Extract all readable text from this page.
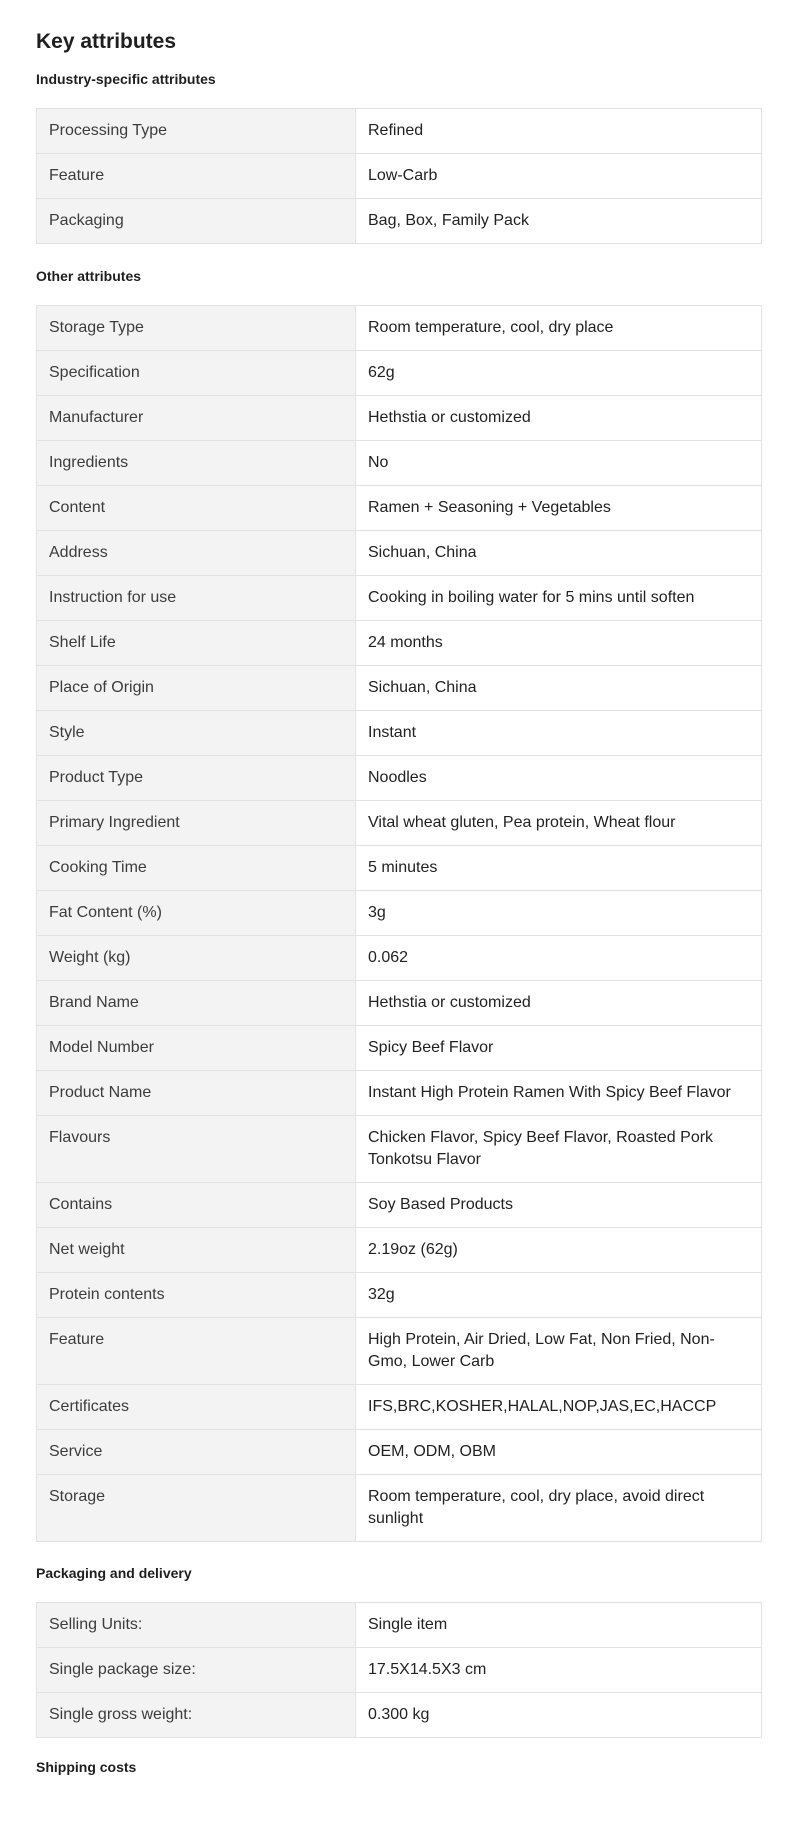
Key attributes
Industry-specific attributes
Processing Type	Refined
Feature	Low-Carb
Packaging	Bag, Box, Family Pack
Other attributes
Storage Type	Room temperature, cool, dry place
Specification	62g
Manufacturer	Hethstia or customized
Ingredients	No
Content	Ramen + Seasoning + Vegetables
Address	Sichuan, China
Instruction for use	Cooking in boiling water for 5 mins until soften
Shelf Life	24 months
Place of Origin	Sichuan, China
Style	Instant
Product Type	Noodles
Primary Ingredient	Vital wheat gluten, Pea protein, Wheat flour
Cooking Time	5 minutes
Fat Content (%)	3g
Weight (kg)	0.062
Brand Name	Hethstia or customized
Model Number	Spicy Beef Flavor
Product Name	Instant High Protein Ramen With Spicy Beef Flavor
Flavours	Chicken Flavor, Spicy Beef Flavor, Roasted Pork Tonkotsu Flavor
Contains	Soy Based Products
Net weight	2.19oz (62g)
Protein contents	32g
Feature	High Protein, Air Dried, Low Fat, Non Fried, Non-Gmo, Lower Carb
Certificates	IFS,BRC,KOSHER,HALAL,NOP,JAS,EC,HACCP
Service	OEM, ODM, OBM
Storage	Room temperature, cool, dry place, avoid direct sunlight
Packaging and delivery
Selling Units:	Single item
Single package size:	17.5X14.5X3 cm
Single gross weight:	0.300 kg
Shipping costs
